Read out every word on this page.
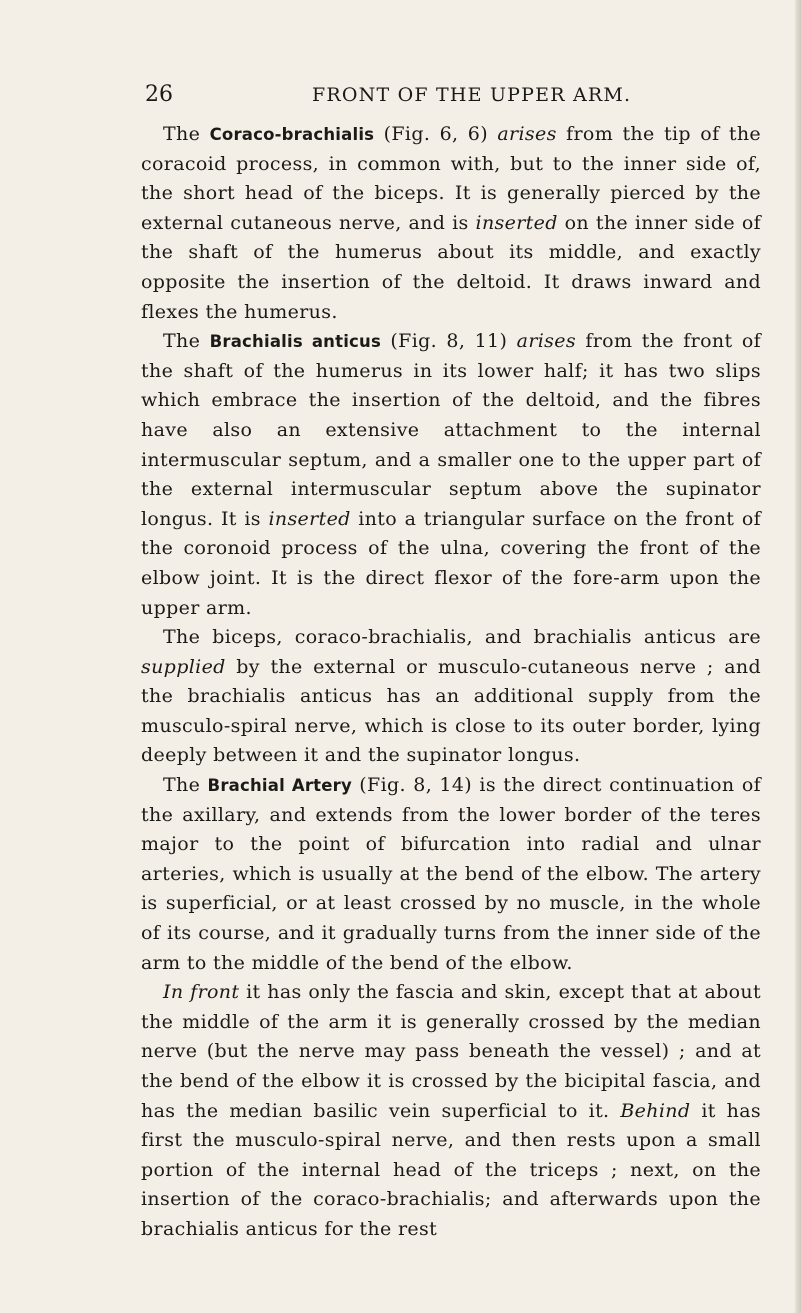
26	FRONT OF THE UPPER ARM.

The Coraco-brachialis (Fig. 6, 6) arises from the tip of the coracoid process, in common with, but to the inner side of, the short head of the biceps. It is generally pierced by the external cutaneous nerve, and is inserted on the inner side of the shaft of the humerus about its middle, and exactly opposite the insertion of the deltoid. It draws inward and flexes the humerus.

The Brachialis anticus (Fig. 8, 11) arises from the front of the shaft of the humerus in its lower half; it has two slips which embrace the insertion of the deltoid, and the fibres have also an extensive attachment to the internal intermuscular septum, and a smaller one to the upper part of the external intermuscular septum above the supinator longus. It is inserted into a triangular surface on the front of the coronoid process of the ulna, covering the front of the elbow joint. It is the direct flexor of the fore-arm upon the upper arm.

The biceps, coraco-brachialis, and brachialis anticus are supplied by the external or musculo-cutaneous nerve ; and the brachialis anticus has an additional supply from the musculo-spiral nerve, which is close to its outer border, lying deeply between it and the supinator longus.

The Brachial Artery (Fig. 8, 14) is the direct continuation of the axillary, and extends from the lower border of the teres major to the point of bifurcation into radial and ulnar arteries, which is usually at the bend of the elbow. The artery is superficial, or at least crossed by no muscle, in the whole of its course, and it gradually turns from the inner side of the arm to the middle of the bend of the elbow.

In front it has only the fascia and skin, except that at about the middle of the arm it is generally crossed by the median nerve (but the nerve may pass beneath the vessel) ; and at the bend of the elbow it is crossed by the bicipital fascia, and has the median basilic vein superficial to it. Behind it has first the musculo-spiral nerve, and then rests upon a small portion of the internal head of the triceps ; next, on the insertion of the coraco-brachialis; and afterwards upon the brachialis anticus for the rest
